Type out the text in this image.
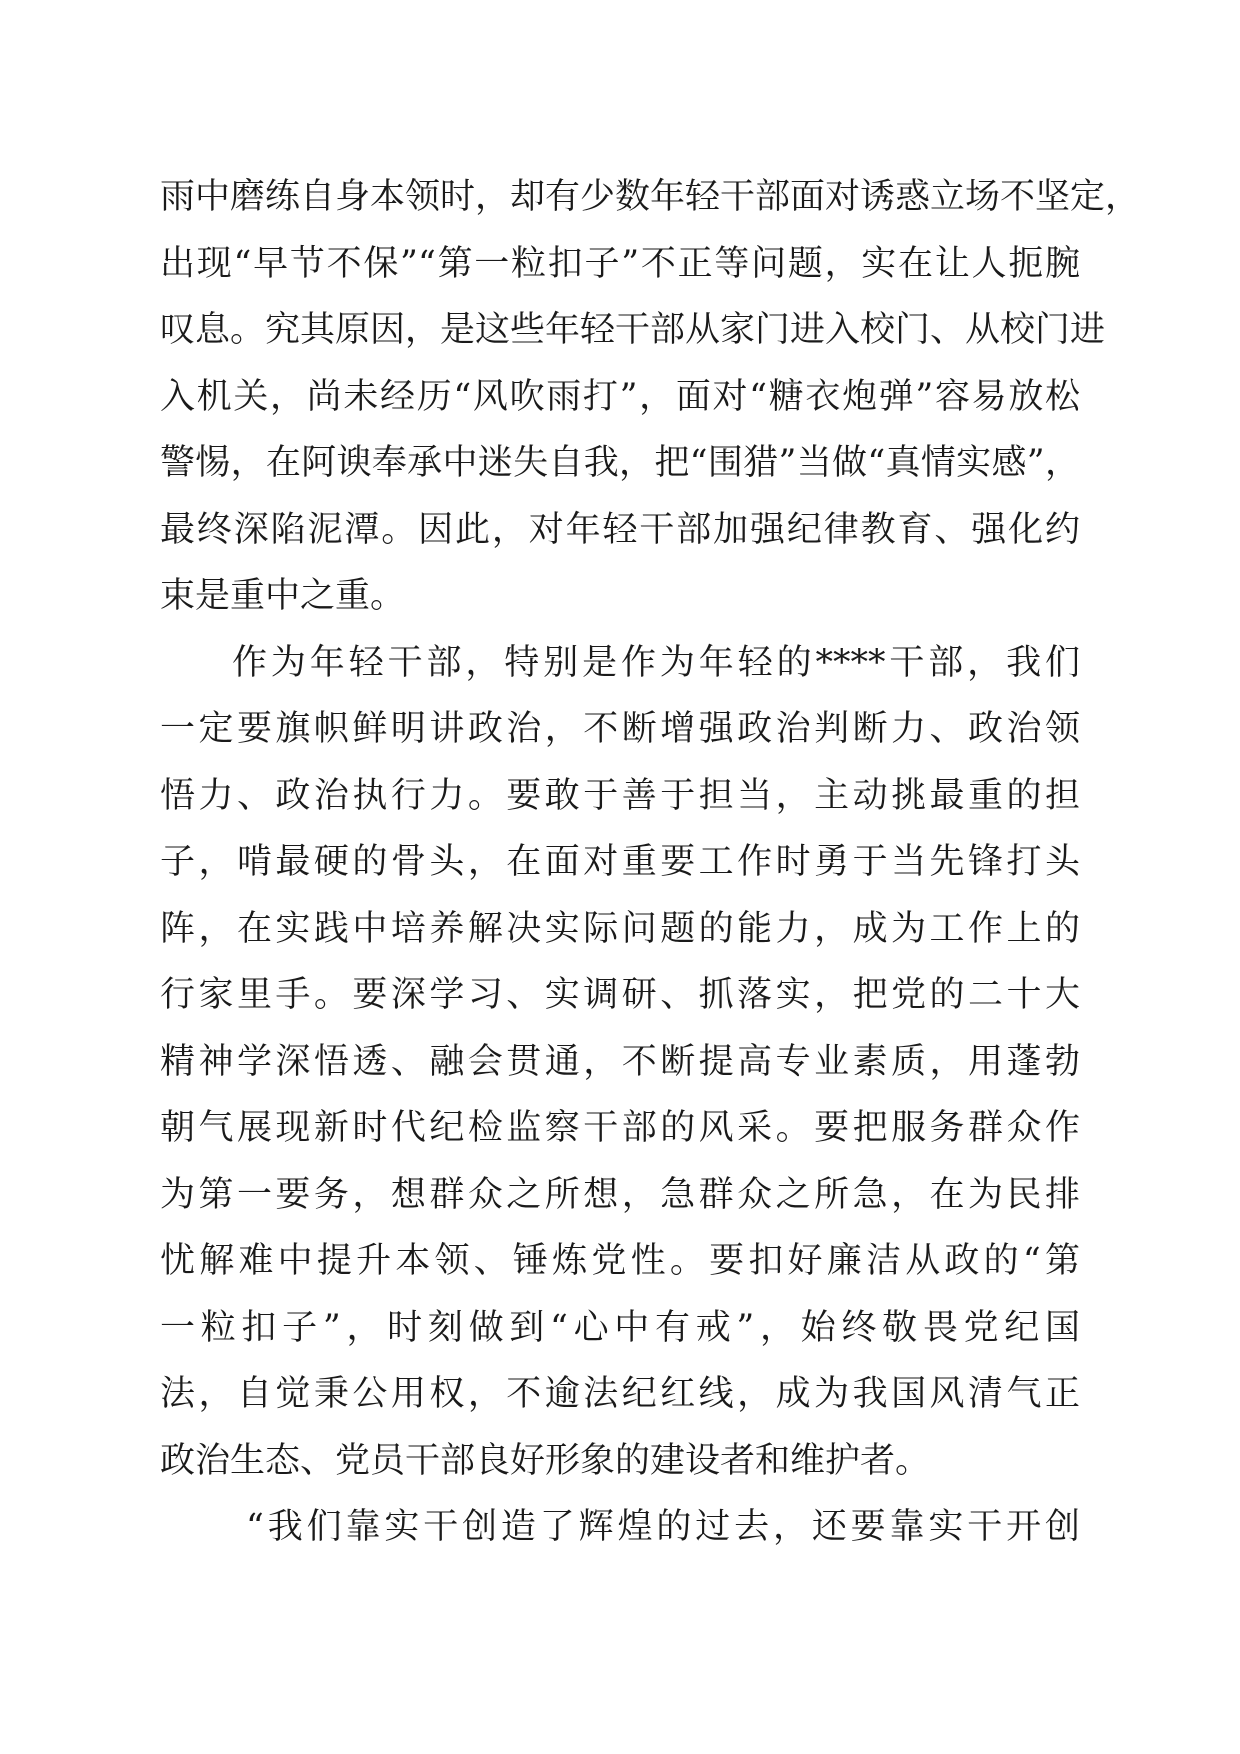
雨中磨练自身本领时，却有少数年轻干部面对诱惑立场不坚定，
出现“早节不保”“第一粒扣子”不正等问题，实在让人扼腕
叹息。究其原因，是这些年轻干部从家门进入校门、从校门进
入机关，尚未经历“风吹雨打”，面对“糖衣炮弹”容易放松
警惕，在阿谀奉承中迷失自我，把“围猎”当做“真情实感”，
最终深陷泥潭。因此，对年轻干部加强纪律教育、强化约
束是重中之重。
作为年轻干部，特别是作为年轻的****干部，我们
一定要旗帜鲜明讲政治，不断增强政治判断力、政治领
悟力、政治执行力。要敢于善于担当，主动挑最重的担
子，啃最硬的骨头，在面对重要工作时勇于当先锋打头
阵，在实践中培养解决实际问题的能力，成为工作上的
行家里手。要深学习、实调研、抓落实，把党的二十大
精神学深悟透、融会贯通，不断提高专业素质，用蓬勃
朝气展现新时代纪检监察干部的风采。要把服务群众作
为第一要务，想群众之所想，急群众之所急，在为民排
忧解难中提升本领、锤炼党性。要扣好廉洁从政的“第
一粒扣子”，时刻做到“心中有戒”，始终敬畏党纪国
法，自觉秉公用权，不逾法纪红线，成为我国风清气正
政治生态、党员干部良好形象的建设者和维护者。
“我们靠实干创造了辉煌的过去，还要靠实干开创
